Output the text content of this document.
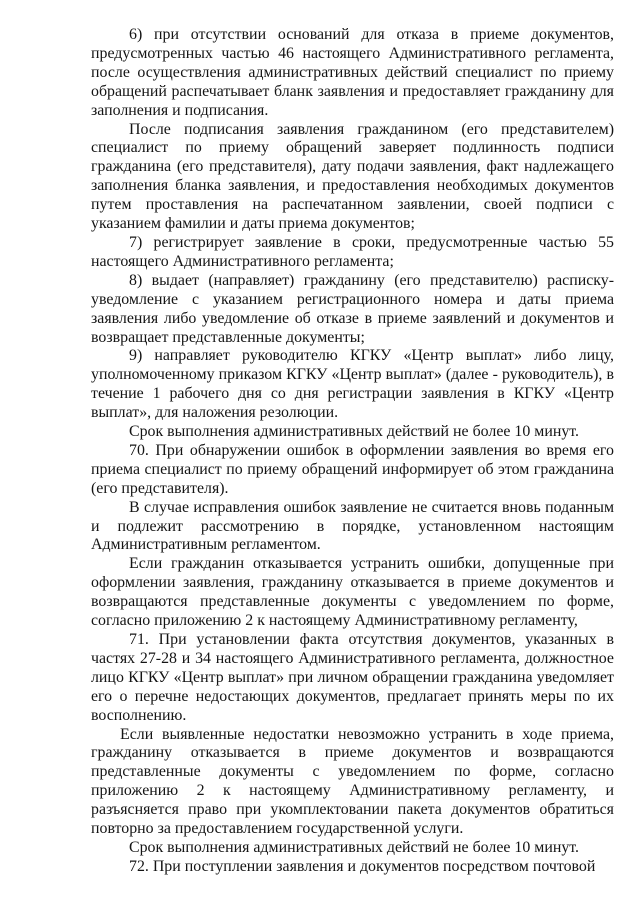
6) при отсутствии оснований для отказа в приеме документов, предусмотренных частью 46 настоящего Административного регламента, после осуществления административных действий специалист по приему обращений распечатывает бланк заявления и предоставляет гражданину для заполнения и подписания.

После подписания заявления гражданином (его представителем) специалист по приему обращений заверяет подлинность подписи гражданина (его представителя), дату подачи заявления, факт надлежащего заполнения бланка заявления, и предоставления необходимых документов путем проставления на распечатанном заявлении, своей подписи с указанием фамилии и даты приема документов;

7) регистрирует заявление в сроки, предусмотренные частью 55 настоящего Административного регламента;

8) выдает (направляет) гражданину (его представителю) расписку-уведомление с указанием регистрационного номера и даты приема заявления либо уведомление об отказе в приеме заявлений и документов и возвращает представленные документы;

9) направляет руководителю КГКУ «Центр выплат» либо лицу, уполномоченному приказом КГКУ «Центр выплат» (далее - руководитель), в течение 1 рабочего дня со дня регистрации заявления в КГКУ «Центр выплат», для наложения резолюции.

Срок выполнения административных действий не более 10 минут.

70. При обнаружении ошибок в оформлении заявления во время его приема специалист по приему обращений информирует об этом гражданина (его представителя).

В случае исправления ошибок заявление не считается вновь поданным и подлежит рассмотрению в порядке, установленном настоящим Административным регламентом.

Если гражданин отказывается устранить ошибки, допущенные при оформлении заявления, гражданину отказывается в приеме документов и возвращаются представленные документы с уведомлением по форме, согласно приложению 2 к настоящему Административному регламенту,

71. При установлении факта отсутствия документов, указанных в частях 27-28 и 34 настоящего Административного регламента, должностное лицо КГКУ «Центр выплат» при личном обращении гражданина уведомляет его о перечне недостающих документов, предлагает принять меры по их восполнению.

Если выявленные недостатки невозможно устранить в ходе приема, гражданину отказывается в приеме документов и возвращаются представленные документы с уведомлением по форме, согласно приложению 2 к настоящему Административному регламенту, и разъясняется право при укомплектовании пакета документов обратиться повторно за предоставлением государственной услуги.

Срок выполнения административных действий не более 10 минут.

72. При поступлении заявления и документов посредством почтовой
